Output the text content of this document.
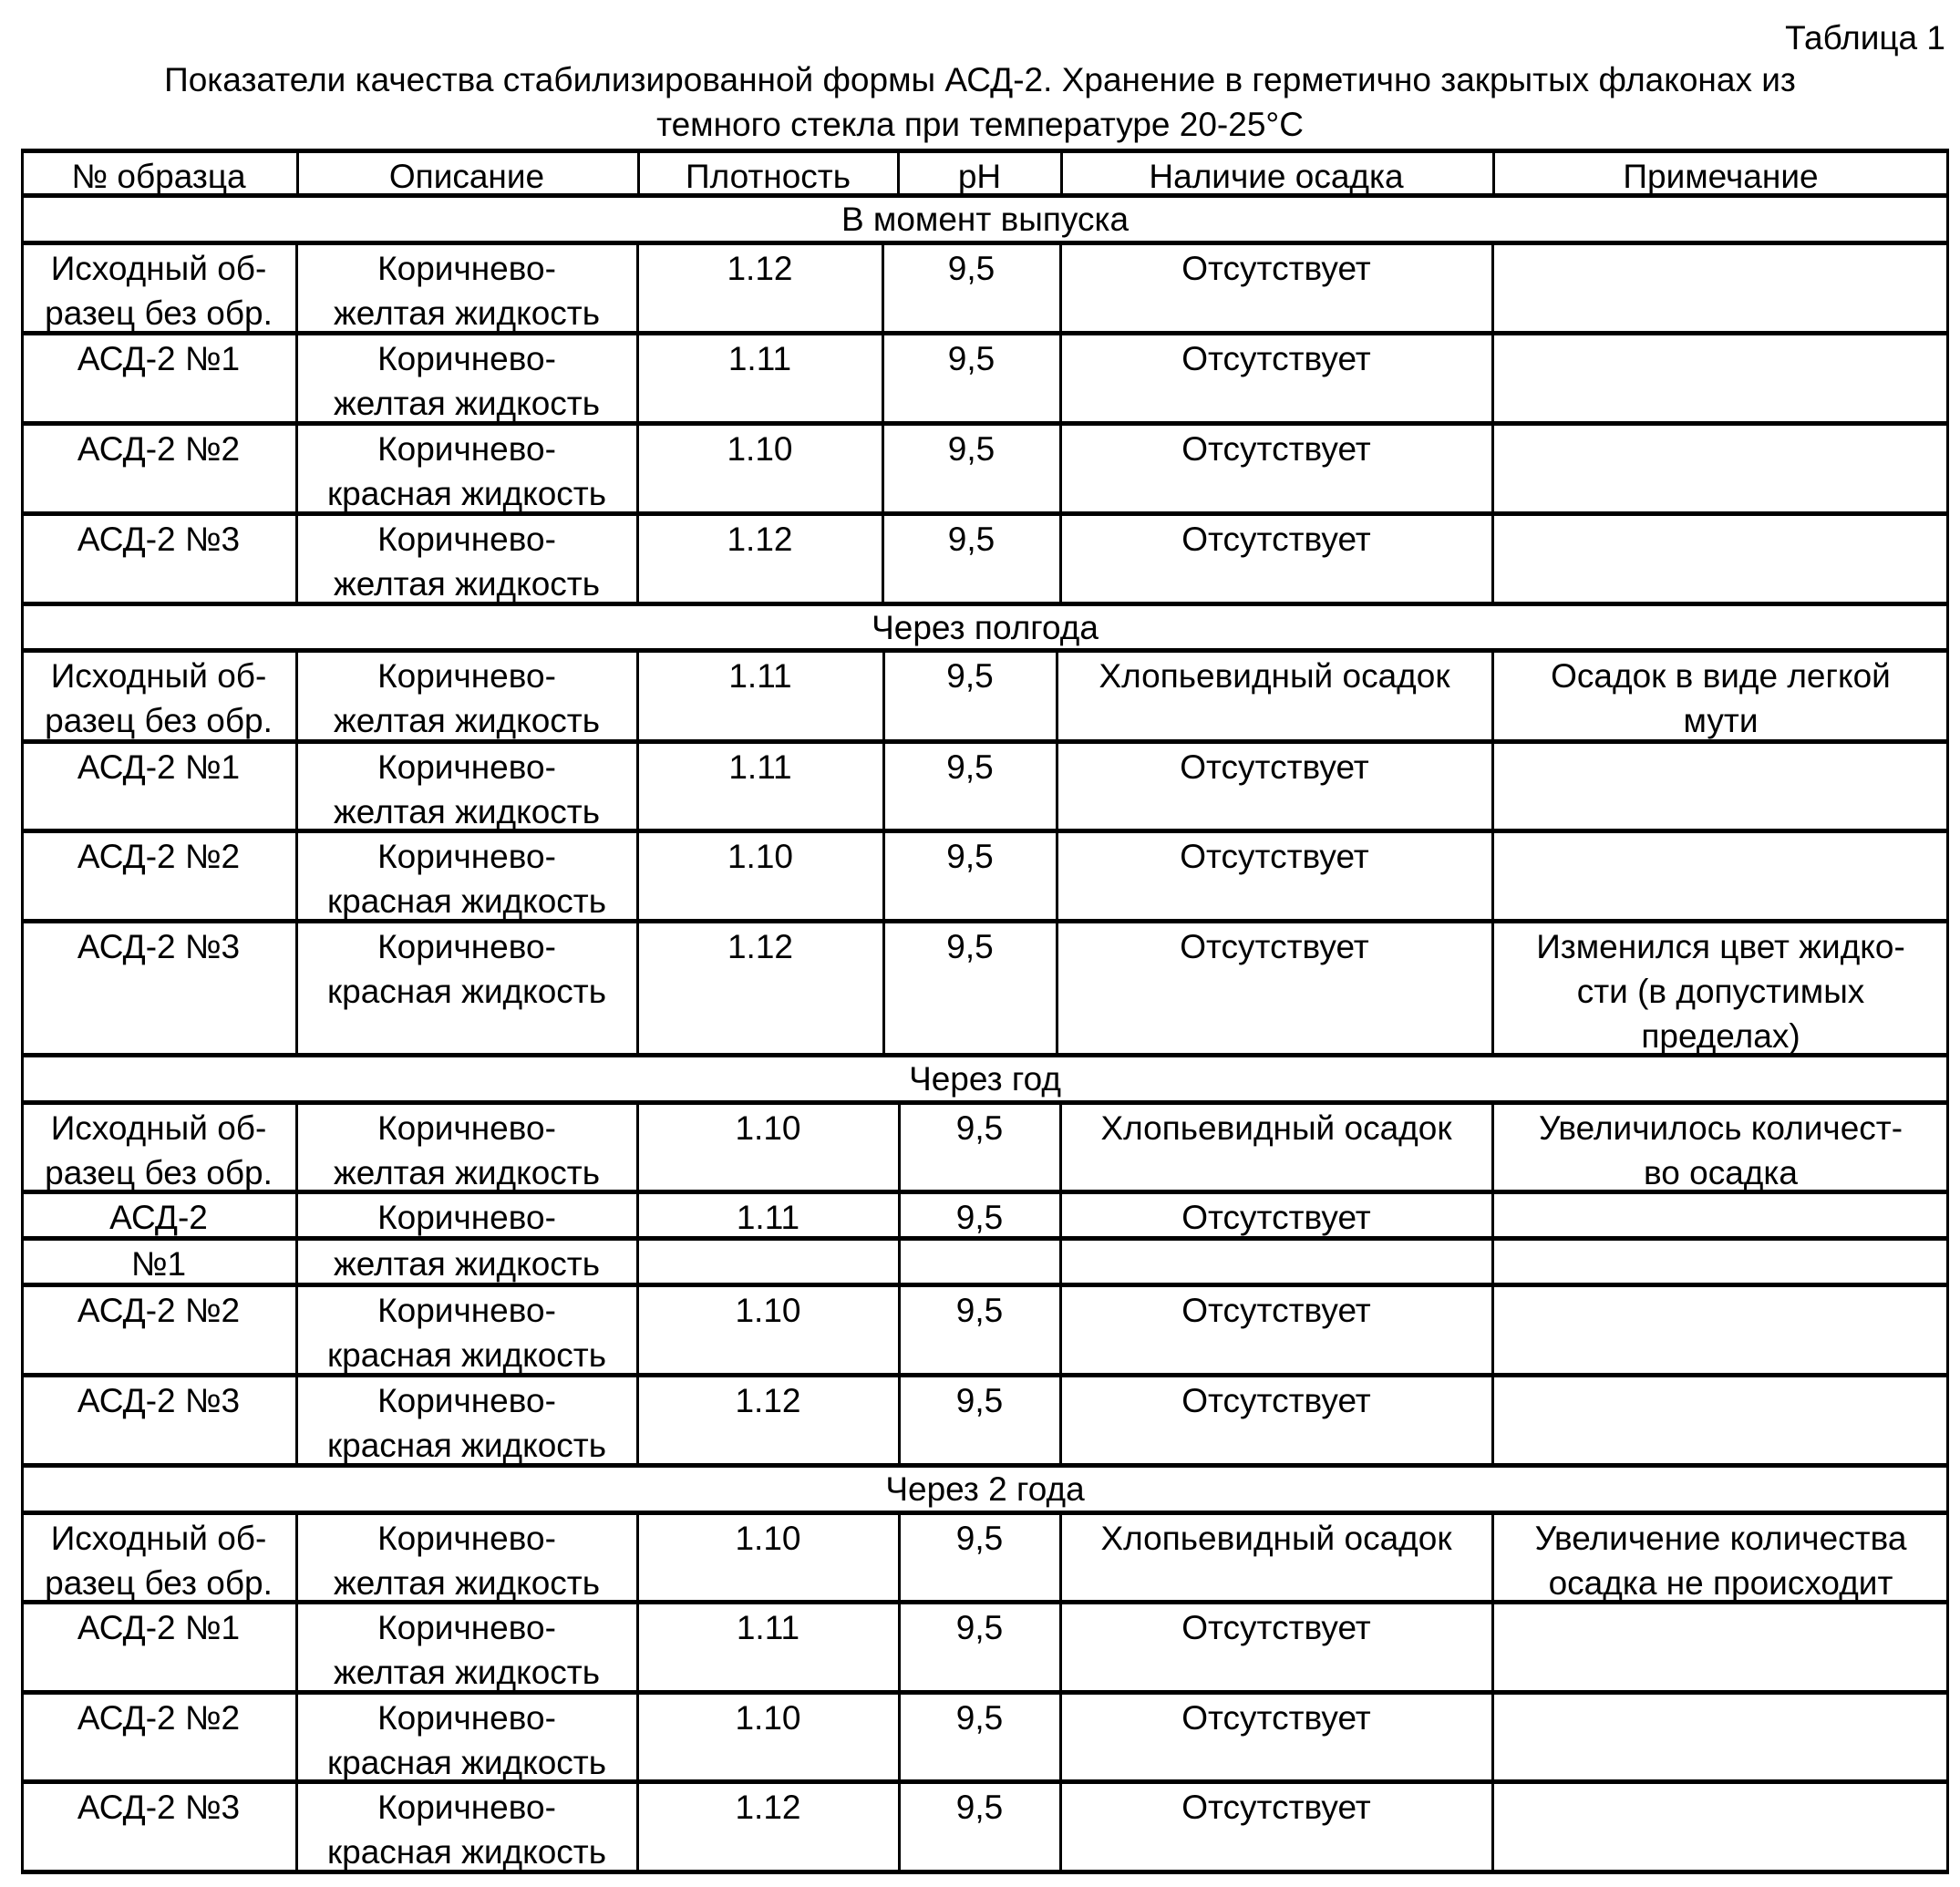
Таблица 1
Показатели качества стабилизированной формы АСД-2. Хранение в герметично закрытых флаконах из
темного стекла при температуре 20-25°С
№ образца	Описание	Плотность	pH	Наличие осадка	Примечание
В момент выпуска
Исходный об-
разец без обр.
Коричнево-
желтая жидкость
1.12	9,5	Отсутствует
АСД-2 №1	Коричнево-
желтая жидкость
1.11	9,5	Отсутствует
АСД-2 №2	Коричнево-
красная жидкость
1.10	9,5	Отсутствует
АСД-2 №3	Коричнево-
желтая жидкость
1.12	9,5	Отсутствует
Через полгода
Исходный об-
разец без обр.
Коричнево-
желтая жидкость
1.11	9,5	Хлопьевидный осадок	Осадок в виде легкой
мути
АСД-2 №1	Коричнево-
желтая жидкость
1.11	9,5	Отсутствует
АСД-2 №2	Коричнево-
красная жидкость
1.10	9,5	Отсутствует
АСД-2 №3	Коричнево-
красная жидкость
1.12	9,5	Отсутствует	Изменился цвет жидко-
сти (в допустимых
пределах)
Через год
Исходный об-
разец без обр.
Коричнево-
желтая жидкость
1.10	9,5	Хлопьевидный осадок	Увеличилось количест-
во осадка
АСД-2	Коричнево-	1.11	9,5	Отсутствует
№1	желтая жидкость
АСД-2 №2	Коричнево-
красная жидкость
1.10	9,5	Отсутствует
АСД-2 №3	Коричнево-
красная жидкость
1.12	9,5	Отсутствует
Через 2 года
Исходный об-
разец без обр.
Коричнево-
желтая жидкость
1.10	9,5	Хлопьевидный осадок	Увеличение количества
осадка не происходит
АСД-2 №1	Коричнево-
желтая жидкость
1.11	9,5	Отсутствует
АСД-2 №2	Коричнево-
красная жидкость
1.10	9,5	Отсутствует
АСД-2 №3	Коричнево-
красная жидкость
1.12	9,5	Отсутствует
